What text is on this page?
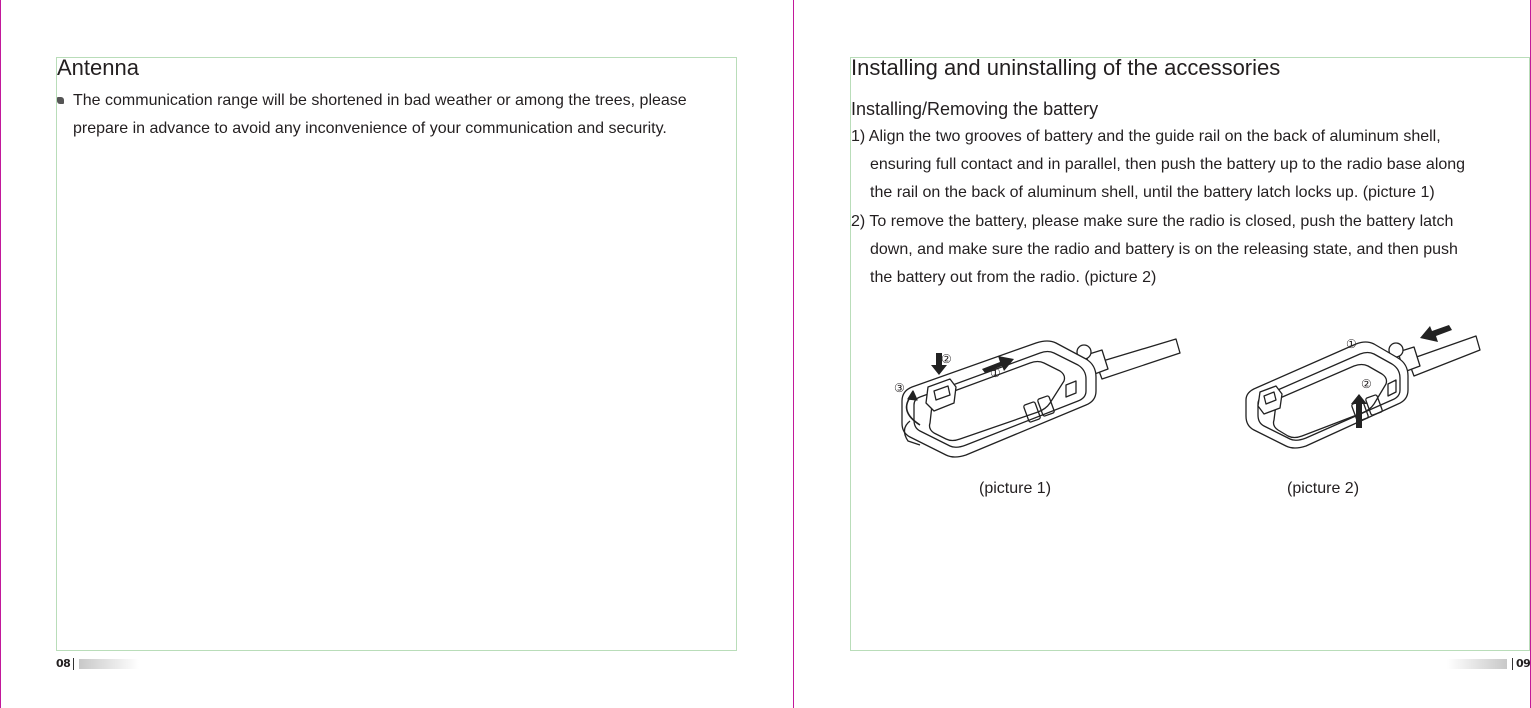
Antenna
The communication range will be shortened in bad weather or among the trees, please
prepare in advance to avoid any inconvenience of your communication and security.
08
Installing and uninstalling of the accessories
Installing/Removing the battery
1) Align the two grooves of battery and the guide rail on the back of aluminum shell,
ensuring full contact and in parallel, then push the battery up to the radio base along
the rail on the back of aluminum shell, until the battery latch locks up. (picture 1)
2) To remove the battery, please make sure the radio is closed, push the battery latch
down, and make sure the radio and battery is on the releasing state, and then push
the battery out from the radio. (picture 2)
②
③
①
(picture 1)
①
②
(picture 2)
09
